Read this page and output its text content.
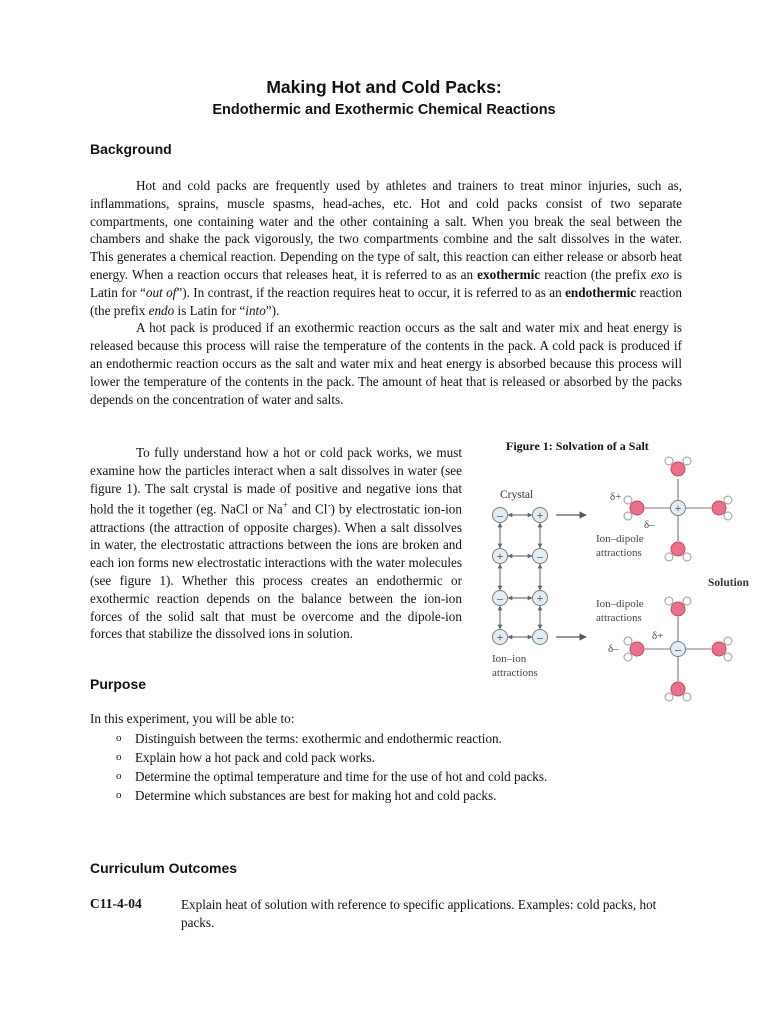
Making Hot and Cold Packs:
Endothermic and Exothermic Chemical Reactions
Background

Hot and cold packs are frequently used by athletes and trainers to treat minor injuries, such as, inflammations, sprains, muscle spasms, head-aches, etc. Hot and cold packs consist of two separate compartments, one containing water and the other containing a salt. When you break the seal between the chambers and shake the pack vigorously, the two compartments combine and the salt dissolves in the water. This generates a chemical reaction. Depending on the type of salt, this reaction can either release or absorb heat energy. When a reaction occurs that releases heat, it is referred to as an exothermic reaction (the prefix exo is Latin for “out of”). In contrast, if the reaction requires heat to occur, it is referred to as an endothermic reaction (the prefix endo is Latin for “into”).

A hot pack is produced if an exothermic reaction occurs as the salt and water mix and heat energy is released because this process will raise the temperature of the contents in the pack. A cold pack is produced if an endothermic reaction occurs as the salt and water mix and heat energy is absorbed because this process will lower the temperature of the contents in the pack. The amount of heat that is released or absorbed by the packs depends on the concentration of water and salts.

To fully understand how a hot or cold pack works, we must examine how the particles interact when a salt dissolves in water (see figure 1). The salt crystal is made of positive and negative ions that hold the it together (eg. NaCl or Na+ and Cl-) by electrostatic ion-ion attractions (the attraction of opposite charges). When a salt dissolves in water, the electrostatic attractions between the ions are broken and each ion forms new electrostatic interactions with the water molecules (see figure 1). Whether this process creates an endothermic or exothermic reaction depends on the balance between the ion-ion forces of the solid salt that must be overcome and the dipole-ion forces that stabilize the dissolved ions in solution.

Figure 1: Solvation of a Salt
Crystal
–	+
+	–
–	+
+	–
Ion–ion
attractions
+
δ+
δ–
Ion–dipole
attractions
Solution
Ion–dipole
attractions
–
δ+
δ–
Purpose
In this experiment, you will be able to:
o Distinguish between the terms: exothermic and endothermic reaction.
o Explain how a hot pack and cold pack works.
o Determine the optimal temperature and time for the use of hot and cold packs.
o Determine which substances are best for making hot and cold packs.
Curriculum Outcomes
C11-4-04	Explain heat of solution with reference to specific applications. Examples: cold packs, hot packs.
